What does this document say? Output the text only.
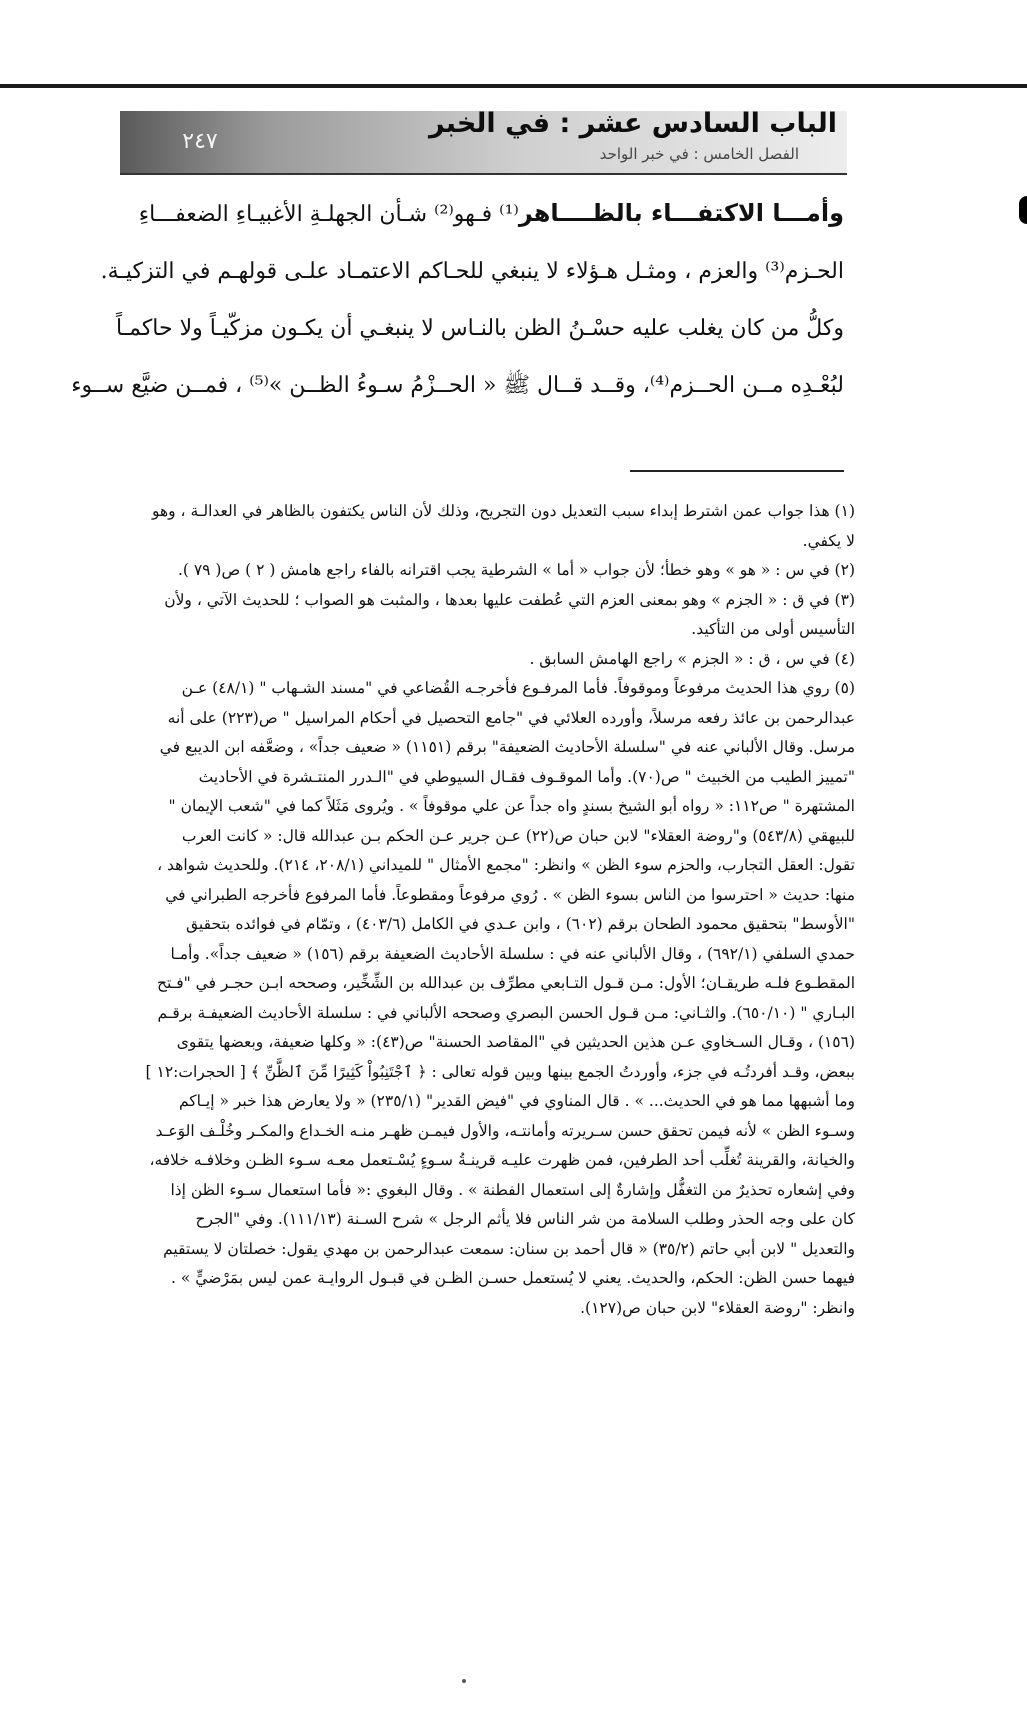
٢٤٧
الباب السادس عشر : في الخبر
الفصل الخامس : في خبر الواحد

وأمـــا الاكتفـــاء بالظــــاهر⁽¹⁾ فـهو⁽²⁾ شـأن الجهلـةِ الأغبيـاءِ الضعفـــاءِ

الحـزم⁽³⁾ والعزم ، ومثـل هـؤلاء لا ينبغي للحـاكم الاعتمـاد علـى قولهـم في التزكيـة.

وكلُّ من كان يغلب عليه حسْـنُ الظن بالنـاس لا ينبغـي أن يكـون مزكّيـاً ولا حاكمـاً

لبُعْـدِه مــن الحــزم⁽⁴⁾، وقــد قــال ﷺ « الحــزْمُ سـوءُ الظــن »⁽⁵⁾ ، فمــن ضيَّع ســوء

(١) هذا جواب عمن اشترط إبداء سبب التعديل دون التجريح، وذلك لأن الناس يكتفون بالظاهر في العدالـة ، وهو لا يكفي.

(٢) في س : « هو » وهو خطأ؛ لأن جواب « أما » الشرطية يجب اقترانه بالفاء راجع هامش ( ٢ ) ص( ٧٩ ).

(٣) في ق : « الجزم » وهو بمعنى العزم التي عُطفت عليها بعدها ، والمثبت هو الصواب ؛ للحديث الآتي ، ولأن التأسيس أولى من التأكيد.

(٤) في س ، ق : « الجزم » راجع الهامش السابق .

(٥) روي هذا الحديث مرفوعاً وموقوفاً. فأما المرفـوع فأخرجـه القُضاعي في "مسند الشـهاب " (٤٨/١) عـن عبدالرحمن بن عائذ رفعه مرسلاً، وأورده العلائي في "جامع التحصيل في أحكام المراسيل " ص(٢٢٣) على أنه مرسل. وقال الألباني عنه في "سلسلة الأحاديث الضعيفة" برقم (١١٥١) « ضعيف جداً» ، وضعَّفه ابن الديبع في "تمييز الطيب من الخبيث " ص(٧٠). وأما الموقـوف فقـال السيوطي في "الـدرر المنتـشرة في الأحاديث المشتهرة " ص١١٢: « رواه أبو الشيخ بسندٍ واه جداً عن علي موقوفاً » . ويُروى مَثَلاً كما في "شعب الإيمان " للبيهقي (٥٤٣/٨) و"روضة العقلاء" لابن حبان ص(٢٢) عـن جرير عـن الحكم بـن عبدالله قال: « كانت العرب تقول: العقل التجارب، والحزم سوء الظن » وانظر: "مجمع الأمثال " للميداني (٢٠٨/١، ٢١٤). وللحديث شواهد ، منها: حديث « احترسوا من الناس بسوء الظن » . رُوي مرفوعاً ومقطوعاً. فأما المرفوع فأخرجه الطبراني في "الأوسط" بتحقيق محمود الطحان برقم (٦٠٢) ، وابن عـدي في الكامل (٤٠٣/٦) ، وتمّام في فوائده بتحقيق حمدي السلفي (٦٩٢/١) ، وقال الألباني عنه في : سلسلة الأحاديث الضعيفة برقم (١٥٦) « ضعيف جداً». وأمـا المقطـوع فلـه طريقـان؛ الأول: مـن قـول التـابعي مطرِّف بن عبدالله بن الشِّخِّير، وصححه ابـن حجـر في "فـتح البـاري " (٦٥٠/١٠). والثـاني: مـن قـول الحسن البصري وصححه الألباني في : سلسلة الأحاديث الضعيفـة برقـم (١٥٦) ، وقـال السـخاوي عـن هذين الحديثين في "المقاصد الحسنة" ص(٤٣): « وكلها ضعيفة، وبعضها يتقوى ببعض، وقـد أفردتُـه في جزء، وأوردتُ الجمع بينها وبين قوله تعالى : ﴿ ٱجْتَنِبُواْ كَثِيرًا مِّنَ ٱلظَّنِّ ﴾ [ الحجرات:١٢ ] وما أشبهها مما هو في الحديث... » . قال المناوي في "فيض القدير" (٢٣٥/١) « ولا يعارض هذا خبر « إيـاكم وسـوء الظن » لأنه فيمن تحقق حسن سـريرته وأمانتـه، والأول فيمـن ظهـر منـه الخـداع والمكـر وخُلْـف الوَعـد والخيانة، والقرينة تُغلِّب أحد الطرفين، فمن ظهرت عليـه قرينـةُ سـوءٍ يُسْـتعمل معـه سـوء الظـن وخلافـه خلافه، وفي إشعاره تحذيرٌ من التغفُّل وإشارةٌ إلى استعمال الفطنة » . وقال البغوي :« فأما استعمال سـوء الظن إذا كان على وجه الحذر وطلب السلامة من شر الناس فلا يأثم الرجل » شرح السـنة (١١١/١٣). وفي "الجرح والتعديل " لابن أبي حاتم (٣٥/٢) « قال أحمد بن سنان: سمعت عبدالرحمن بن مهدي يقول: خصلتان لا يستقيم فيهما حسن الظن: الحكم، والحديث. يعني لا يُستعمل حسـن الظـن في قبـول الروايـة عمن ليس بمَرْضيٍّ » . وانظر: "روضة العقلاء" لابن حبان ص(١٢٧).
